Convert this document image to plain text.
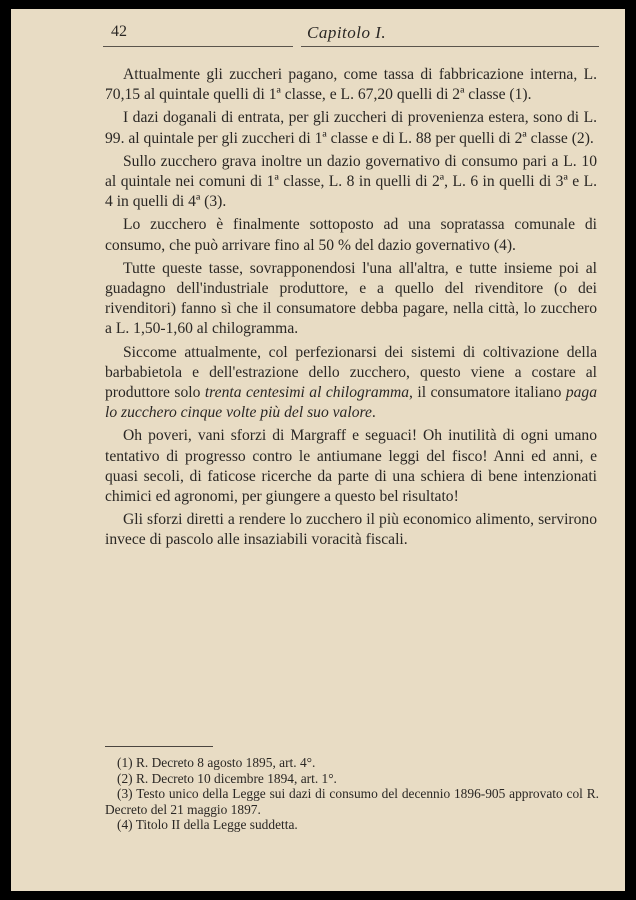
42	Capitolo I.

Attualmente gli zuccheri pagano, come tassa di fabbricazione interna, L. 70,15 al quintale quelli di 1ª classe, e L. 67,20 quelli di 2ª classe (1).

I dazi doganali di entrata, per gli zuccheri di provenienza estera, sono di L. 99. al quintale per gli zuccheri di 1ª classe e di L. 88 per quelli di 2ª classe (2).

Sullo zucchero grava inoltre un dazio governativo di consumo pari a L. 10 al quintale nei comuni di 1ª classe, L. 8 in quelli di 2ª, L. 6 in quelli di 3ª e L. 4 in quelli di 4ª (3).

Lo zucchero è finalmente sottoposto ad una sopratassa comunale di consumo, che può arrivare fino al 50 % del dazio governativo (4).

Tutte queste tasse, sovrapponendosi l'una all'altra, e tutte insieme poi al guadagno dell'industriale produttore, e a quello del rivenditore (o dei rivenditori) fanno sì che il consumatore debba pagare, nella città, lo zucchero a L. 1,50-1,60 al chilogramma.

Siccome attualmente, col perfezionarsi dei sistemi di coltivazione della barbabietola e dell'estrazione dello zucchero, questo viene a costare al produttore solo trenta centesimi al chilogramma, il consumatore italiano paga lo zucchero cinque volte più del suo valore.

Oh poveri, vani sforzi di Margraff e seguaci! Oh inutilità di ogni umano tentativo di progresso contro le antiumane leggi del fisco! Anni ed anni, e quasi secoli, di faticose ricerche da parte di una schiera di bene intenzionati chimici ed agronomi, per giungere a questo bel risultato!

Gli sforzi diretti a rendere lo zucchero il più economico alimento, servirono invece di pascolo alle insaziabili voracità fiscali.

(1) R. Decreto 8 agosto 1895, art. 4°.

(2) R. Decreto 10 dicembre 1894, art. 1°.

(3) Testo unico della Legge sui dazi di consumo del decennio 1896-905 approvato col R. Decreto del 21 maggio 1897.

(4) Titolo II della Legge suddetta.
